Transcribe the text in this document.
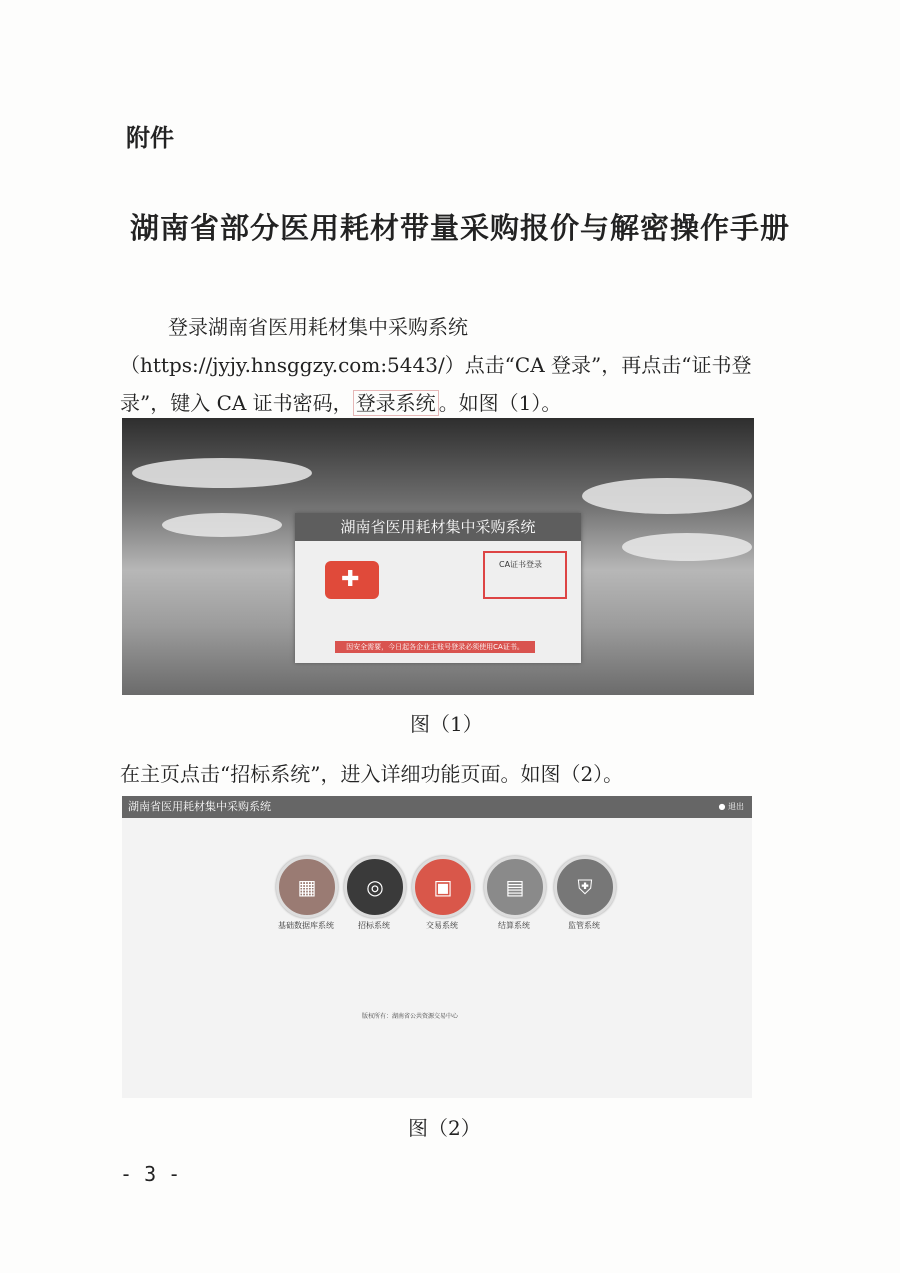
附件
湖南省部分医用耗材带量采购报价与解密操作手册
登录湖南省医用耗材集中采购系统（https://jyjy.hnsggzy.com:5443/）点击“CA 登录”，再点击“证书登录”，键入 CA 证书密码， 登录系统 。如图（1）。
湖南省医用耗材集中采购系统
✚
CA证书登录
因安全需要，今日起各企业主账号登录必须使用CA证书。
图（1）
在主页点击“招标系统”，进入详细功能页面。如图（2）。
湖南省医用耗材集中采购系统	● 退出
▦	◎	▣	▤	⛨
基础数据库系统	招标系统	交易系统	结算系统	监管系统
版权所有：湖南省公共资源交易中心
图（2）
- 3 -
